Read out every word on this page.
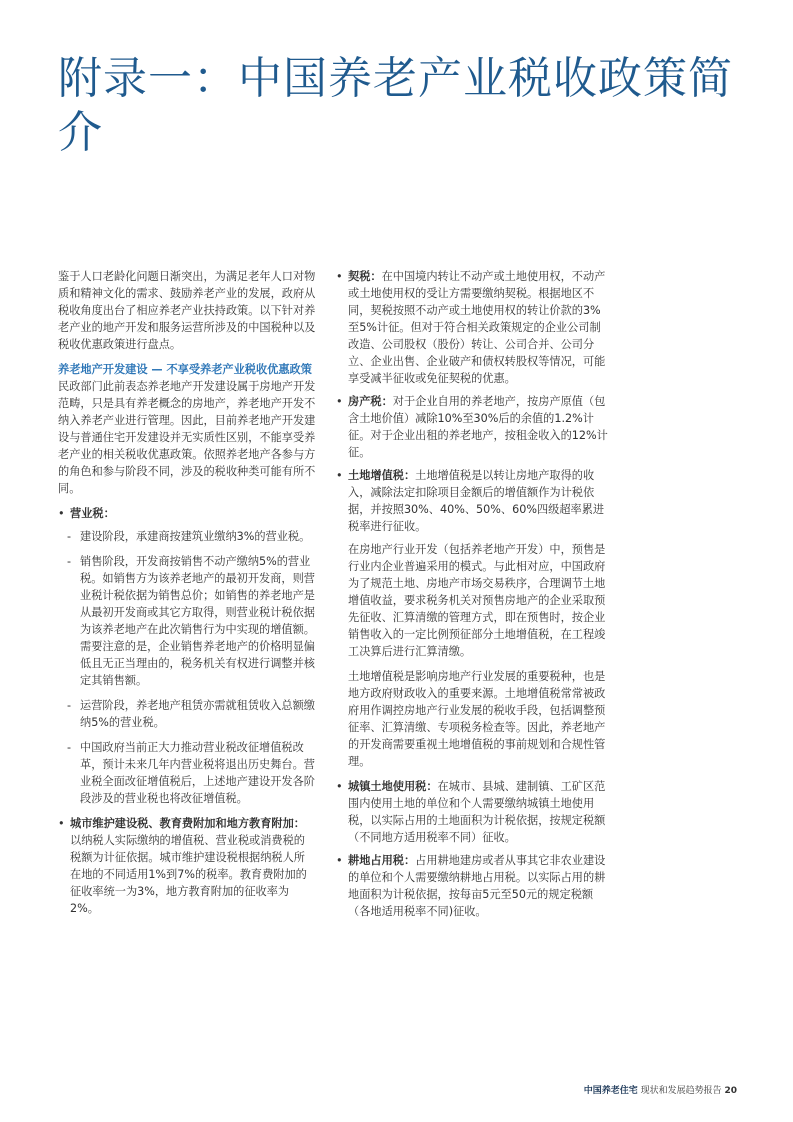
附录一：中国养老产业税收政策简介

鉴于人口老龄化问题日渐突出，为满足老年人口对物质和精神文化的需求、鼓励养老产业的发展，政府从税收角度出台了相应养老产业扶持政策。以下针对养老产业的地产开发和服务运营所涉及的中国税种以及税收优惠政策进行盘点。

养老地产开发建设 — 不享受养老产业税收优惠政策

民政部门此前表态养老地产开发建设属于房地产开发范畴，只是具有养老概念的房地产，养老地产开发不纳入养老产业进行管理。因此，目前养老地产开发建设与普通住宅开发建设并无实质性区别，不能享受养老产业的相关税收优惠政策。依照养老地产各参与方的角色和参与阶段不同，涉及的税收种类可能有所不同。

• 营业税：
- 建设阶段，承建商按建筑业缴纳3%的营业税。
- 销售阶段，开发商按销售不动产缴纳5%的营业税。如销售方为该养老地产的最初开发商，则营业税计税依据为销售总价；如销售的养老地产是从最初开发商或其它方取得，则营业税计税依据为该养老地产在此次销售行为中实现的增值额。需要注意的是，企业销售养老地产的价格明显偏低且无正当理由的，税务机关有权进行调整并核定其销售额。
- 运营阶段，养老地产租赁亦需就租赁收入总额缴纳5%的营业税。
- 中国政府当前正大力推动营业税改征增值税改革，预计未来几年内营业税将退出历史舞台。营业税全面改征增值税后，上述地产建设开发各阶段涉及的营业税也将改征增值税。
• 城市维护建设税、教育费附加和地方教育附加：以纳税人实际缴纳的增值税、营业税或消费税的税额为计征依据。城市维护建设税根据纳税人所在地的不同适用1%到7%的税率。教育费附加的征收率统一为3%，地方教育附加的征收率为2%。
• 契税：在中国境内转让不动产或土地使用权，不动产或土地使用权的受让方需要缴纳契税。根据地区不同，契税按照不动产或土地使用权的转让价款的3%至5%计征。但对于符合相关政策规定的企业公司制改造、公司股权（股份）转让、公司合并、公司分立、企业出售、企业破产和债权转股权等情况，可能享受减半征收或免征契税的优惠。
• 房产税：对于企业自用的养老地产，按房产原值（包含土地价值）减除10%至30%后的余值的1.2%计征。对于企业出租的养老地产，按租金收入的12%计征。
• 土地增值税：土地增值税是以转让房地产取得的收入，减除法定扣除项目金额后的增值额作为计税依据，并按照30%、40%、50%、60%四级超率累进税率进行征收。

在房地产行业开发（包括养老地产开发）中，预售是行业内企业普遍采用的模式。与此相对应，中国政府为了规范土地、房地产市场交易秩序，合理调节土地增值收益，要求税务机关对预售房地产的企业采取预先征收、汇算清缴的管理方式，即在预售时，按企业销售收入的一定比例预征部分土地增值税，在工程竣工决算后进行汇算清缴。

土地增值税是影响房地产行业发展的重要税种，也是地方政府财政收入的重要来源。土地增值税常常被政府用作调控房地产行业发展的税收手段，包括调整预征率、汇算清缴、专项税务检查等。因此，养老地产的开发商需要重视土地增值税的事前规划和合规性管理。

• 城镇土地使用税：在城市、县城、建制镇、工矿区范围内使用土地的单位和个人需要缴纳城镇土地使用税，以实际占用的土地面积为计税依据，按规定税额（不同地方适用税率不同）征收。
• 耕地占用税：占用耕地建房或者从事其它非农业建设的单位和个人需要缴纳耕地占用税。以实际占用的耕地面积为计税依据，按每亩5元至50元的规定税额（各地适用税率不同)征收。
中国养老住宅 现状和发展趋势报告 20
